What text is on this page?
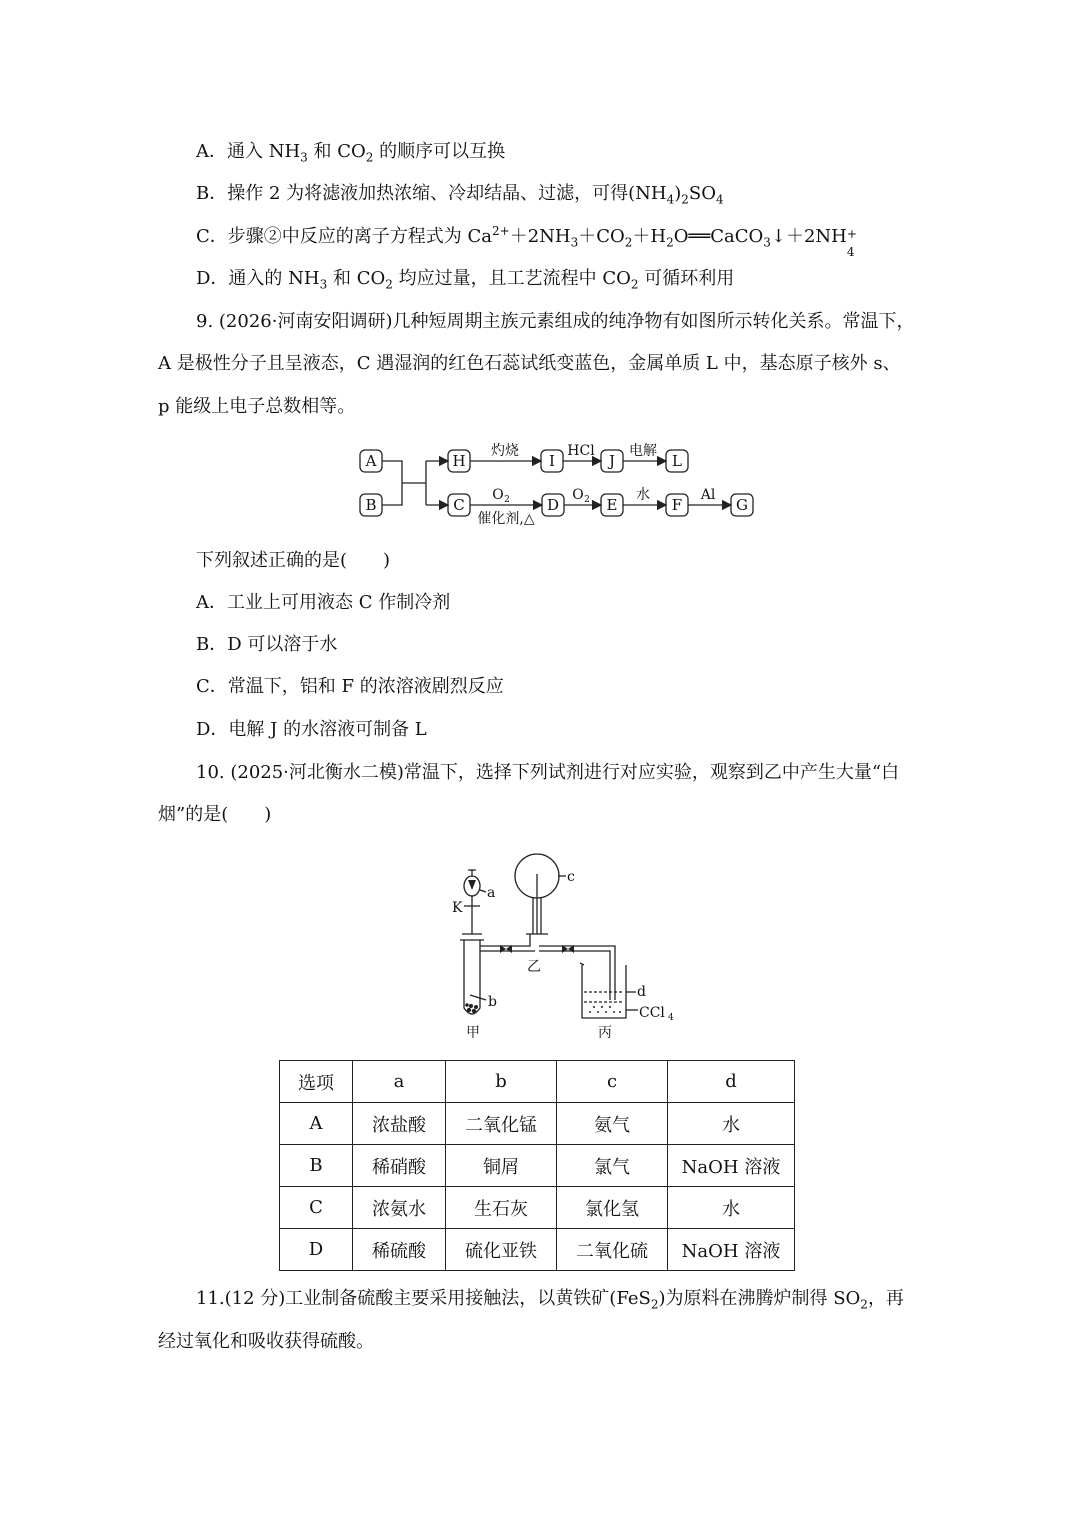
A．通入 $NH_3$ 和 $CO_2$ 的顺序可以互换
B．操作 2 为将滤液加热浓缩、冷却结晶、过滤，可得$(NH_4)_2SO_4$
C．步骤②中反应的离子方程式为 $Ca^{2+}+2NH_3+CO_2+H_2O══CaCO_3↓+2NH$ +
4
D．通入的 $NH_3$ 和 $CO_2$ 均应过量，且工艺流程中 $CO_2$ 可循环利用
9. (2026·河南安阳调研)几种短周期主族元素组成的纯净物有如图所示转化关系。常温下，
A 是极性分子且呈液态，C 遇湿润的红色石蕊试纸变蓝色，金属单质 L 中，基态原子核外 s、
p 能级上电子总数相等。
A
B
H	I	J	L
C	D	E	F	G
灼烧	HCl 电解
O 2
催化剂,△
O 2	水	Al
下列叙述正确的是(　　)
A．工业上可用液态 C 作制冷剂
B．D 可以溶于水
C．常温下，铝和 F 的浓溶液剧烈反应
D．电解 J 的水溶液可制备 L
10. (2025·河北衡水二模)常温下，选择下列试剂进行对应实验，观察到乙中产生大量“白
烟”的是(　　)
a
K
b
c
d
CCl 4
甲
乙
丙
选项	a	b	c	d
A	浓盐酸	二氧化锰	氨气	水
B	稀硝酸	铜屑	氯气	NaOH 溶液
C	浓氨水	生石灰	氯化氢	水
D	稀硫酸	硫化亚铁	二氧化硫	NaOH 溶液
11.(12 分)工业制备硫酸主要采用接触法，以黄铁矿(FeS$_2$)为原料在沸腾炉制得 $SO_2$，再
经过氧化和吸收获得硫酸。
